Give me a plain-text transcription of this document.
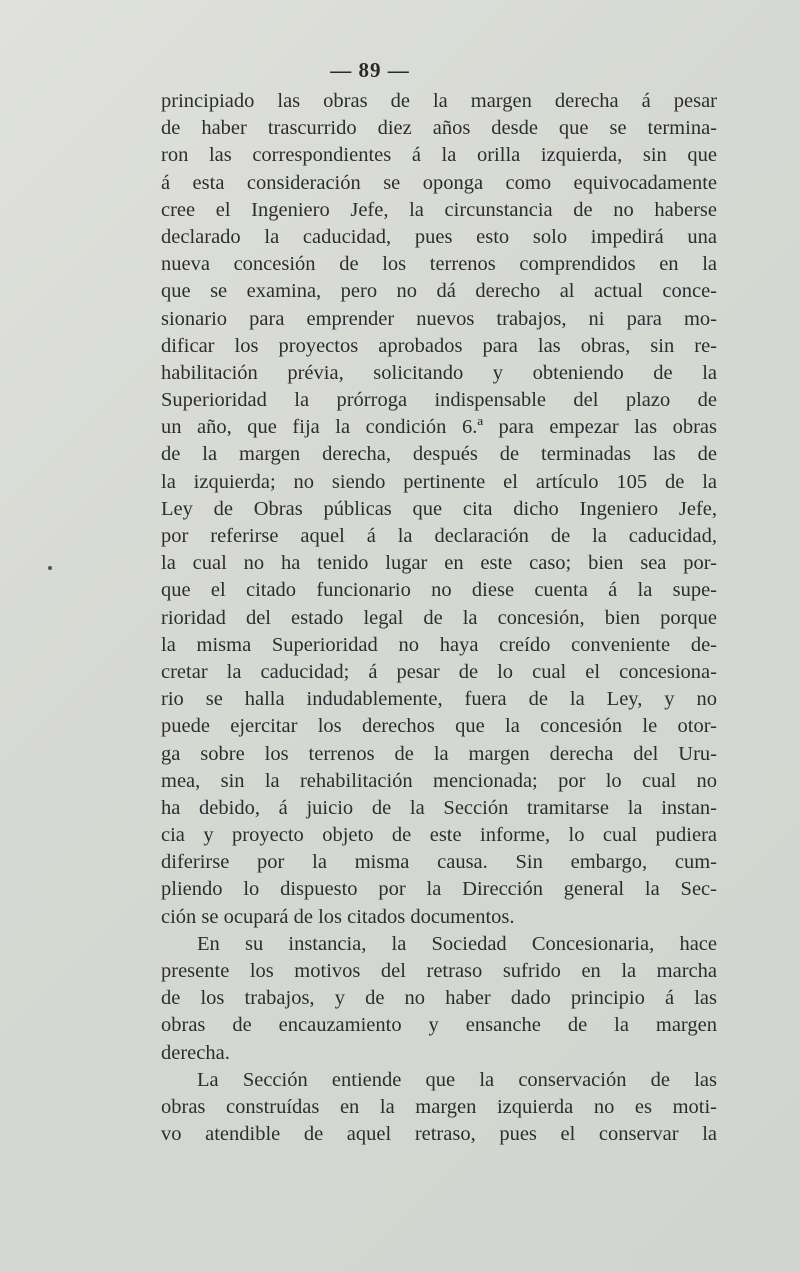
— 89 —
principiado las obras de la margen derecha á pesar
de haber trascurrido diez años desde que se termina-
ron las correspondientes á la orilla izquierda, sin que
á esta consideración se oponga como equivocadamente
cree el Ingeniero Jefe, la circunstancia de no haberse
declarado la caducidad, pues esto solo impedirá una
nueva concesión de los terrenos comprendidos en la
que se examina, pero no dá derecho al actual conce-
sionario para emprender nuevos trabajos, ni para mo-
dificar los proyectos aprobados para las obras, sin re-
habilitación prévia, solicitando y obteniendo de la
Superioridad la prórroga indispensable del plazo de
un año, que fija la condición 6.ª para empezar las obras
de la margen derecha, después de terminadas las de
la izquierda; no siendo pertinente el artículo 105 de la
Ley de Obras públicas que cita dicho Ingeniero Jefe,
por referirse aquel á la declaración de la caducidad,
la cual no ha tenido lugar en este caso; bien sea por-
que el citado funcionario no diese cuenta á la supe-
rioridad del estado legal de la concesión, bien porque
la misma Superioridad no haya creído conveniente de-
cretar la caducidad; á pesar de lo cual el concesiona-
rio se halla indudablemente, fuera de la Ley, y no
puede ejercitar los derechos que la concesión le otor-
ga sobre los terrenos de la margen derecha del Uru-
mea, sin la rehabilitación mencionada; por lo cual no
ha debido, á juicio de la Sección tramitarse la instan-
cia y proyecto objeto de este informe, lo cual pudiera
diferirse por la misma causa. Sin embargo, cum-
pliendo lo dispuesto por la Dirección general la Sec-
ción se ocupará de los citados documentos.
En su instancia, la Sociedad Concesionaria, hace
presente los motivos del retraso sufrido en la marcha
de los trabajos, y de no haber dado principio á las
obras de encauzamiento y ensanche de la margen
derecha.
La Sección entiende que la conservación de las
obras construídas en la margen izquierda no es moti-
vo atendible de aquel retraso, pues el conservar la
